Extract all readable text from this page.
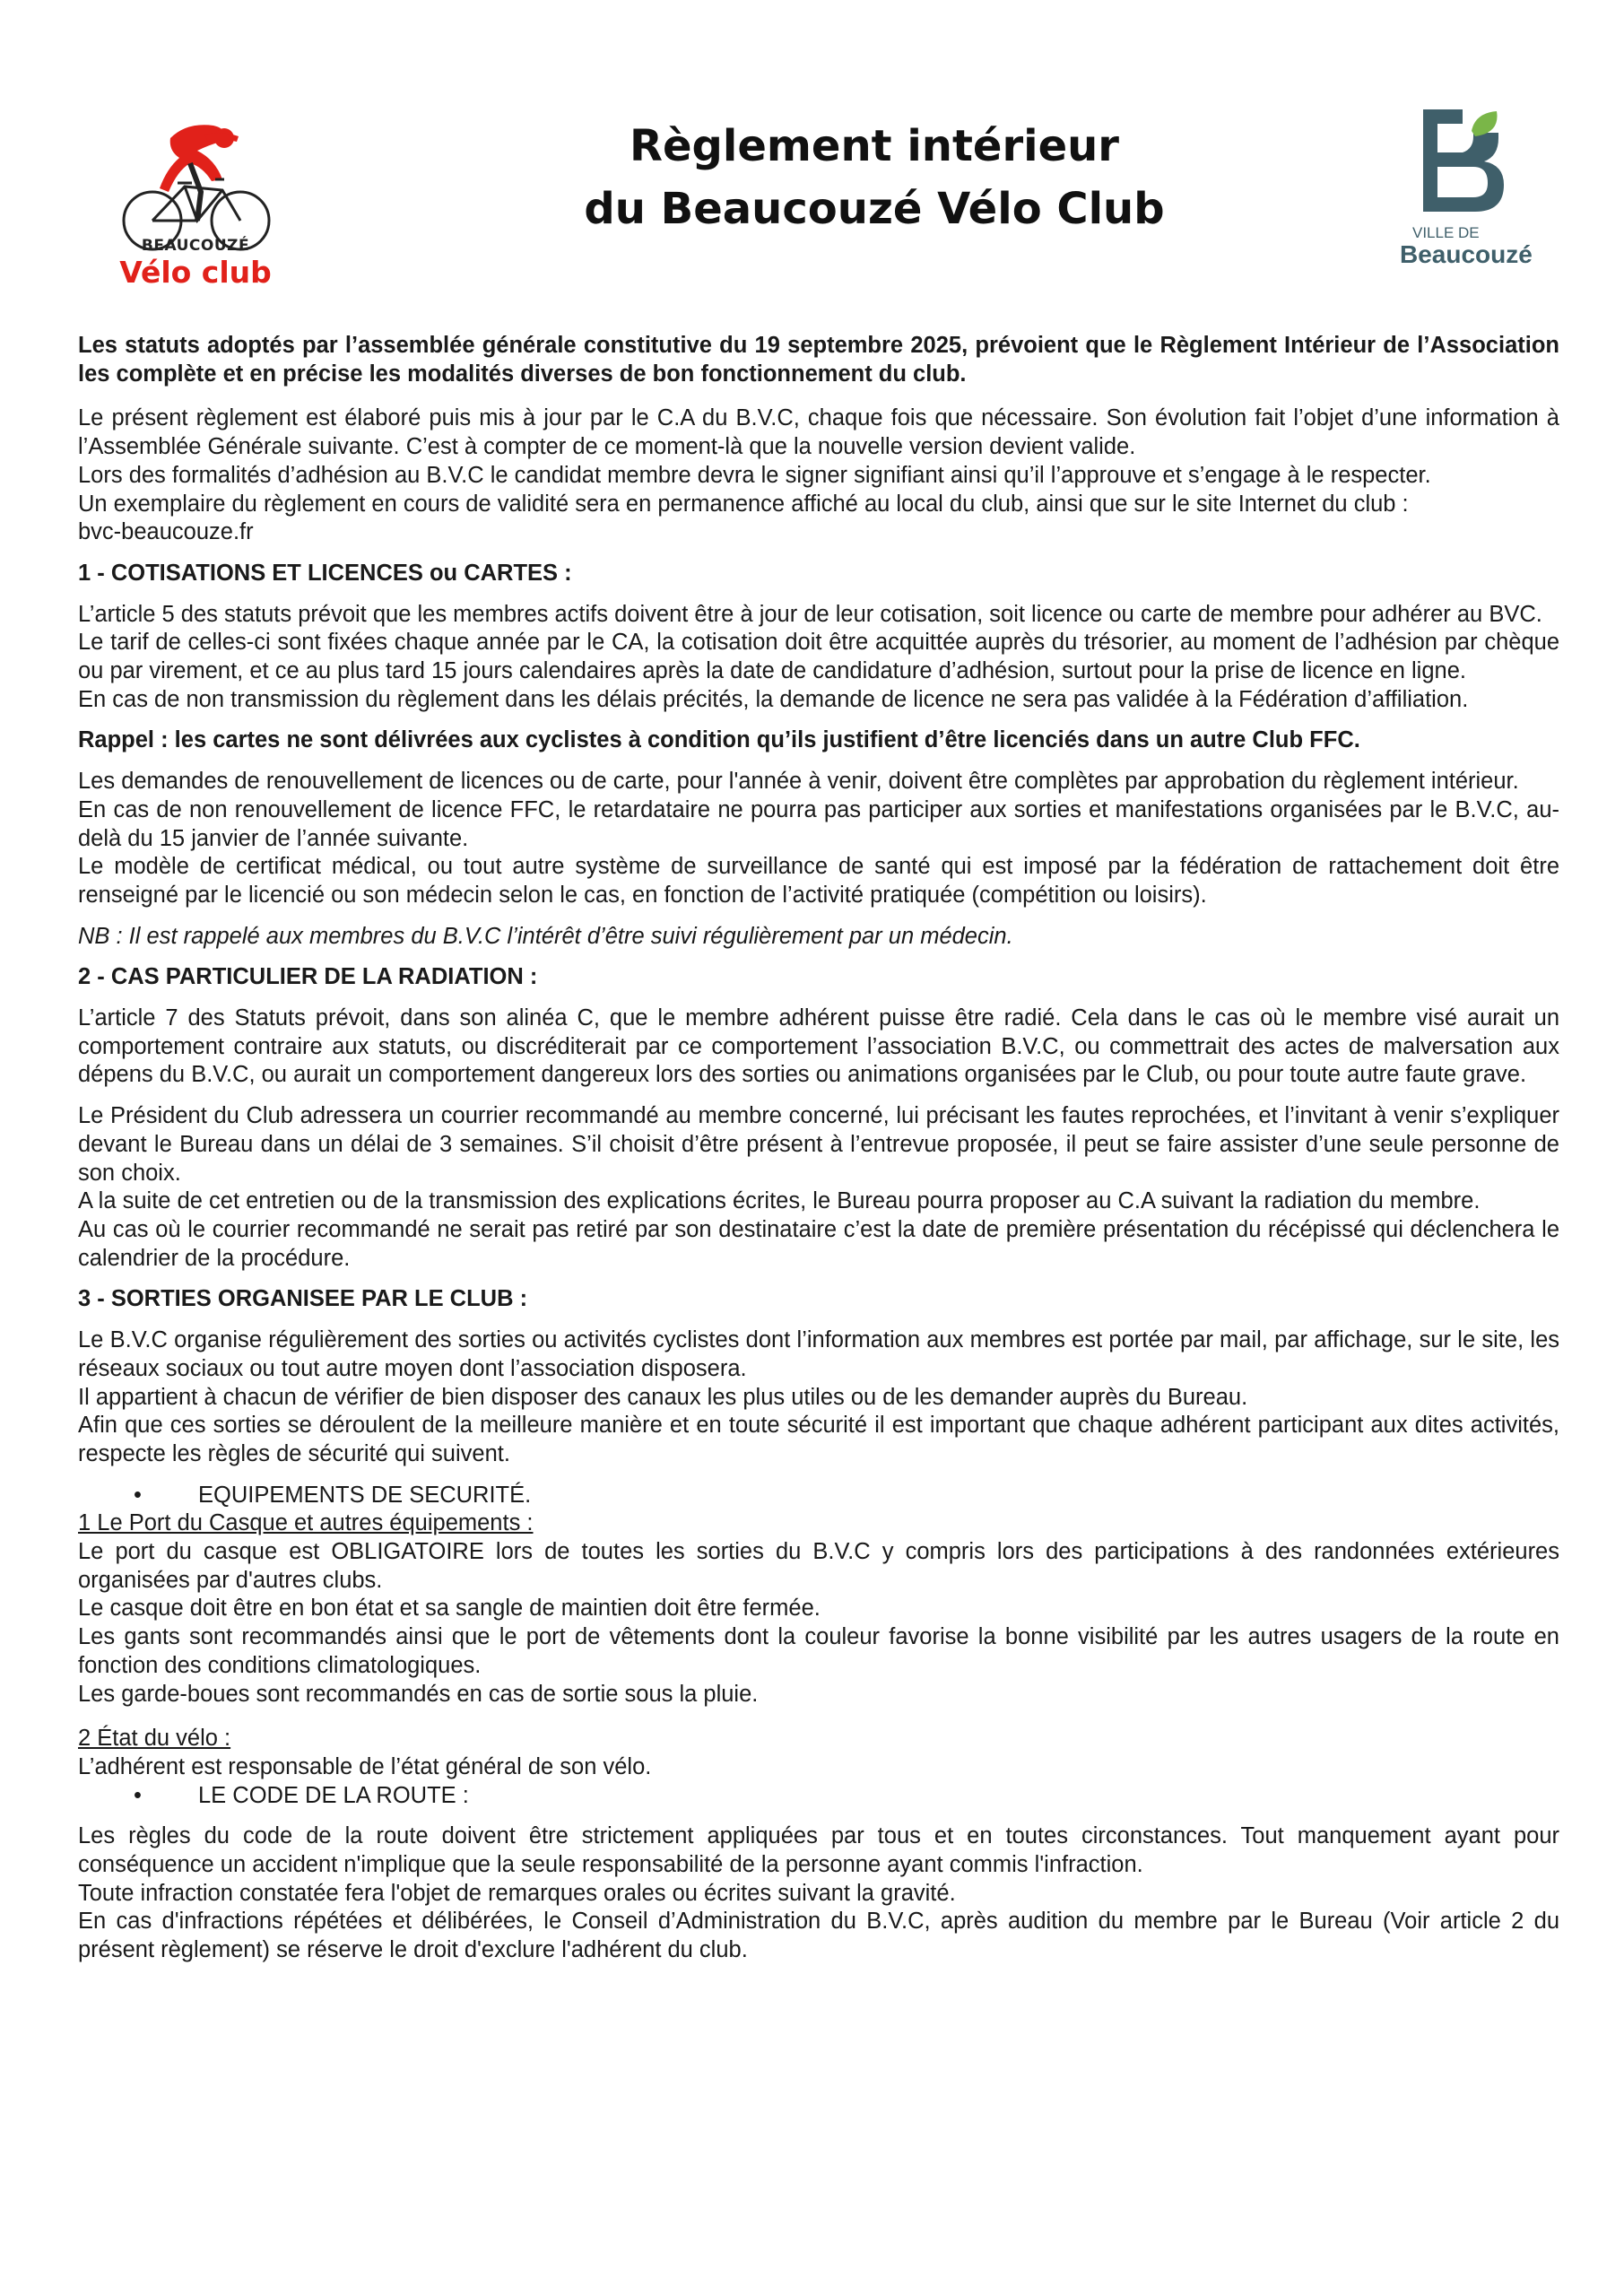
BEAUCOUZÉ
Vélo club
Règlement intérieur
du Beaucouzé Vélo Club	VILLE DE
Beaucouzé

Les statuts adoptés par l’assemblée générale constitutive du 19 septembre 2025, prévoient que le Règlement Intérieur de l’Association les complète et en précise les modalités diverses de bon fonctionnement du club.

Le présent règlement est élaboré puis mis à jour par le C.A du B.V.C, chaque fois que nécessaire. Son évolution fait l’objet d’une information à l’Assemblée Générale suivante. C’est à compter de ce moment-là que la nouvelle version devient valide.

Lors des formalités d’adhésion au B.V.C le candidat membre devra le signer signifiant ainsi qu’il l’approuve et s’engage à le respecter.

Un exemplaire du règlement en cours de validité sera en permanence affiché au local du club, ainsi que sur le site Internet du club :

bvc-beaucouze.fr

1 - COTISATIONS ET LICENCES ou CARTES :

L’article 5 des statuts prévoit que les membres actifs doivent être à jour de leur cotisation, soit licence ou carte de membre pour adhérer au BVC.

Le tarif de celles-ci sont fixées chaque année par le CA, la cotisation doit être acquittée auprès du trésorier, au moment de l’adhésion par chèque ou par virement, et ce au plus tard 15 jours calendaires après la date de candidature d’adhésion, surtout pour la prise de licence en ligne.

En cas de non transmission du règlement dans les délais précités, la demande de licence ne sera pas validée à la Fédération d’affiliation.

Rappel : les cartes ne sont délivrées aux cyclistes à condition qu’ils justifient d’être licenciés dans un autre Club FFC.

Les demandes de renouvellement de licences ou de carte, pour l'année à venir, doivent être complètes par approbation du règlement intérieur.

En cas de non renouvellement de licence FFC, le retardataire ne pourra pas participer aux sorties et manifestations organisées par le B.V.C, au-delà du 15 janvier de l’année suivante.

Le modèle de certificat médical, ou tout autre système de surveillance de santé qui est imposé par la fédération de rattachement doit être renseigné par le licencié ou son médecin selon le cas, en fonction de l’activité pratiquée (compétition ou loisirs).

NB : Il est rappelé aux membres du B.V.C l’intérêt d’être suivi régulièrement par un médecin.

2 - CAS PARTICULIER DE LA RADIATION :

L’article 7 des Statuts prévoit, dans son alinéa C, que le membre adhérent puisse être radié. Cela dans le cas où le membre visé aurait un comportement contraire aux statuts, ou discréditerait par ce comportement l’association B.V.C, ou commettrait des actes de malversation aux dépens du B.V.C, ou aurait un comportement dangereux lors des sorties ou animations organisées par le Club, ou pour toute autre faute grave.

Le Président du Club adressera un courrier recommandé au membre concerné, lui précisant les fautes reprochées, et l’invitant à venir s’expliquer devant le Bureau dans un délai de 3 semaines. S’il choisit d’être présent à l’entrevue proposée, il peut se faire assister d’une seule personne de son choix.

A la suite de cet entretien ou de la transmission des explications écrites, le Bureau pourra proposer au C.A suivant la radiation du membre.

Au cas où le courrier recommandé ne serait pas retiré par son destinataire c’est la date de première présentation du récépissé qui déclenchera le calendrier de la procédure.

3 - SORTIES ORGANISEE PAR LE CLUB :

Le B.V.C organise régulièrement des sorties ou activités cyclistes dont l’information aux membres est portée par mail, par affichage, sur le site, les réseaux sociaux ou tout autre moyen dont l’association disposera.

Il appartient à chacun de vérifier de bien disposer des canaux les plus utiles ou de les demander auprès du Bureau.

Afin que ces sorties se déroulent de la meilleure manière et en toute sécurité il est important que chaque adhérent participant aux dites activités, respecte les règles de sécurité qui suivent.

• EQUIPEMENTS DE SECURITÉ.

1 Le Port du Casque et autres équipements :

Le port du casque est OBLIGATOIRE lors de toutes les sorties du B.V.C y compris lors des participations à des randonnées extérieures organisées par d'autres clubs.

Le casque doit être en bon état et sa sangle de maintien doit être fermée.

Les gants sont recommandés ainsi que le port de vêtements dont la couleur favorise la bonne visibilité par les autres usagers de la route en fonction des conditions climatologiques.

Les garde-boues sont recommandés en cas de sortie sous la pluie.

2 État du vélo :

L’adhérent est responsable de l’état général de son vélo.

• LE CODE DE LA ROUTE :

Les règles du code de la route doivent être strictement appliquées par tous et en toutes circonstances. Tout manquement ayant pour conséquence un accident n'implique que la seule responsabilité de la personne ayant commis l'infraction.

Toute infraction constatée fera l'objet de remarques orales ou écrites suivant la gravité.

En cas d'infractions répétées et délibérées, le Conseil d’Administration du B.V.C, après audition du membre par le Bureau (Voir article 2 du présent règlement) se réserve le droit d'exclure l'adhérent du club.
